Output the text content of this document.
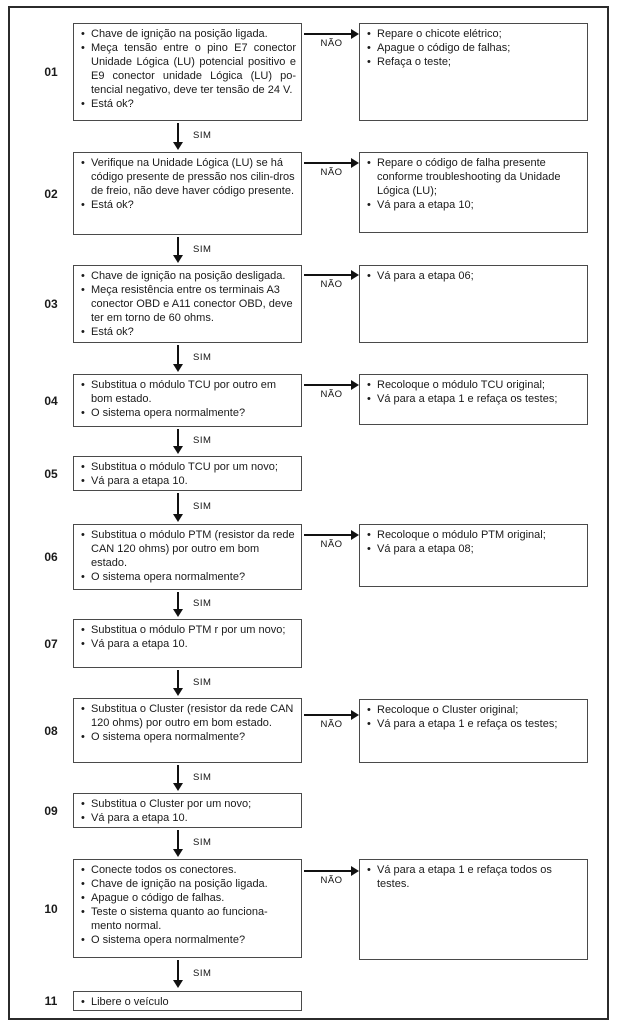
01
• Chave de ignição na posição ligada.
• Meça tensão entre o pino E7 conector Unidade Lógica (LU) potencial positivo e E9 conector unidade Lógica (LU) po-tencial negativo, deve ter tensão de 24 V.
• Está ok?
NÃO
• Repare o chicote elétrico;
• Apague o código de falhas;
• Refaça o teste;
SIM
02
• Verifique na Unidade Lógica (LU) se há código presente de pressão nos cilin-dros de freio, não deve haver código presente.
• Está ok?
NÃO
• Repare o código de falha presente conforme troubleshooting da Unidade Lógica (LU);
• Vá para a etapa 10;
SIM
03
• Chave de ignição na posição desligada.
• Meça resistência entre os terminais A3 conector OBD e A11 conector OBD, deve ter em torno de 60 ohms.
• Está ok?
NÃO
• Vá para a etapa 06;
SIM
04
• Substitua o módulo TCU por outro em bom estado.
• O sistema opera normalmente?
NÃO
• Recoloque o módulo TCU original;
• Vá para a etapa 1 e refaça os testes;
SIM
05	• Substitua o módulo TCU por um novo;
• Vá para a etapa 10.
SIM
06
• Substitua o módulo PTM (resistor da rede CAN 120 ohms) por outro em bom estado.
• O sistema opera normalmente?
NÃO
• Recoloque o módulo PTM original;
• Vá para a etapa 08;
SIM
07
• Substitua o módulo PTM r por um novo;
• Vá para a etapa 10.
SIM
08
• Substitua o Cluster (resistor da rede CAN 120 ohms) por outro em bom estado.
• O sistema opera normalmente?
NÃO
• Recoloque o Cluster original;
• Vá para a etapa 1 e refaça os testes;
SIM
09	• Substitua o Cluster por um novo;
• Vá para a etapa 10.
SIM
10
• Conecte todos os conectores.
• Chave de ignição na posição ligada.
• Apague o código de falhas.
• Teste o sistema quanto ao funciona-mento normal.
• O sistema opera normalmente?
NÃO
• Vá para a etapa 1 e refaça todos os testes.
SIM
11	• Libere o veículo
